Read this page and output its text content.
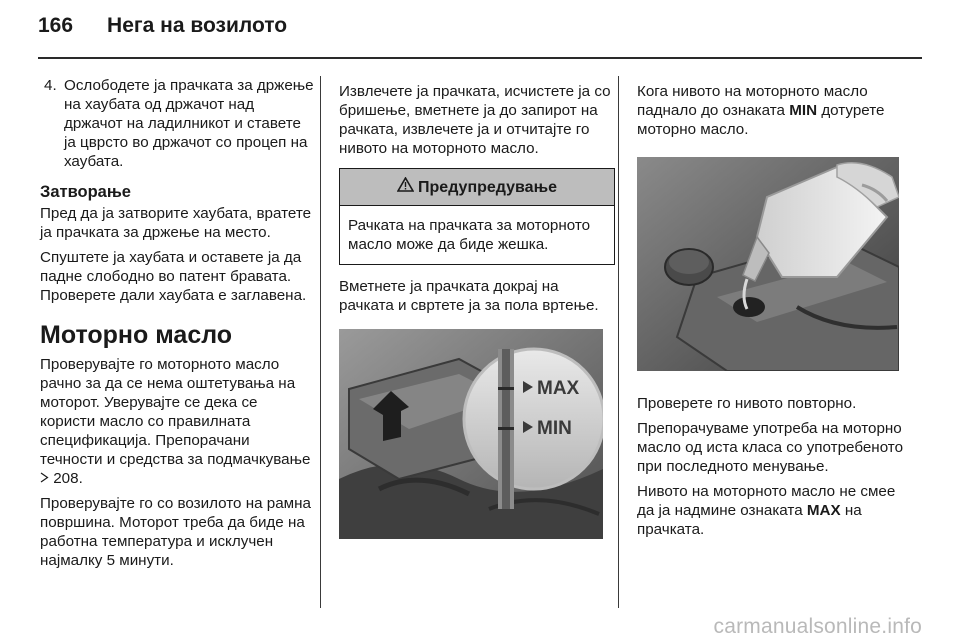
166 Нега на возилото
4. Ослободете ја прачката за држење на хаубата од држачот над држачот на ладилникот и ставете ја цврсто во држачот со процеп на хаубата.
Затворање

Пред да ја затворите хаубата, вратете ја прачката за држење на место.

Спуштете ја хаубата и оставете ја да падне слободно во патент бравата. Проверете дали хаубата е заглавена.

Моторно масло

Проверувајте го моторното масло рачно за да се нема оштетувања на моторот. Уверувајте се дека се користи масло со правилната спецификација. Препорачани течности и средства за подмачкување  208.

Проверувајте го со возилото на рамна површина. Моторот треба да биде на работна температура и исклучен најмалку 5 минути.

Извлечете ја прачката, исчистете ја со бришење, вметнете ја до запирот на рачката, извлечете ја и отчитајте го нивото на моторното масло.

Предупредување
Рачката на прачката за моторното масло може да биде жешка.

Вметнете ја прачката докрај на рачката и свртете ја за пола вртење.

MAX
MIN

Кога нивото на моторното масло паднало до ознаката MIN дотурете моторно масло.

Проверете го нивото повторно.

Препорачуваме употреба на моторно масло од иста класа со употребеното при последното менување.

Нивото на моторното масло не смее да ја надмине ознаката MAX на прачката.

carmanualsonline.info
